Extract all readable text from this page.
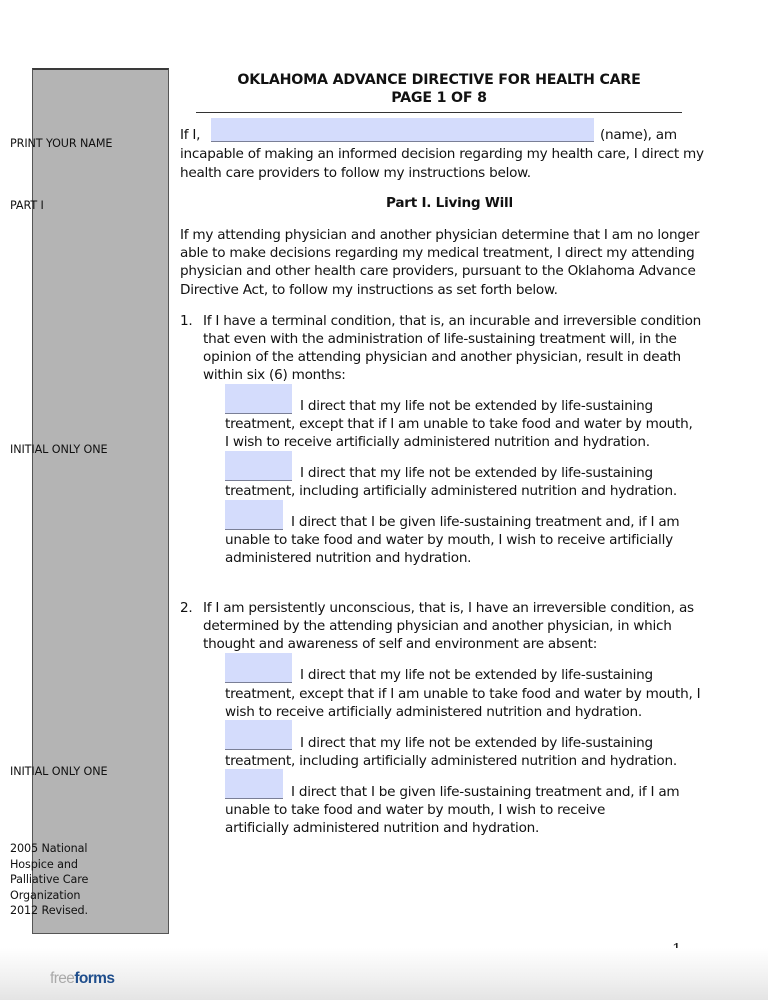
PRINT YOUR NAME
PART I
INITIAL ONLY ONE
INITIAL ONLY ONE
2005 National
Hospice and
Palliative Care
Organization
2012 Revised.
OKLAHOMA ADVANCE DIRECTIVE FOR HEALTH CARE
PAGE 1 OF 8
If I,	(name), am
incapable of making an informed decision regarding my health care, I direct my
health care providers to follow my instructions below.
Part I. Living Will
If my attending physician and another physician determine that I am no longer
able to make decisions regarding my medical treatment, I direct my attending
physician and other health care providers, pursuant to the Oklahoma Advance
Directive Act, to follow my instructions as set forth below.
1. If I have a terminal condition, that is, an incurable and irreversible condition
that even with the administration of life-sustaining treatment will, in the
opinion of the attending physician and another physician, result in death
within six (6) months:
I direct that my life not be extended by life-sustaining
treatment, except that if I am unable to take food and water by mouth,
I wish to receive artificially administered nutrition and hydration.
I direct that my life not be extended by life-sustaining
treatment, including artificially administered nutrition and hydration.
I direct that I be given life-sustaining treatment and, if I am
unable to take food and water by mouth, I wish to receive artificially
administered nutrition and hydration.
2. If I am persistently unconscious, that is, I have an irreversible condition, as
determined by the attending physician and another physician, in which
thought and awareness of self and environment are absent:
I direct that my life not be extended by life-sustaining
treatment, except that if I am unable to take food and water by mouth, I
wish to receive artificially administered nutrition and hydration.
I direct that my life not be extended by life-sustaining
treatment, including artificially administered nutrition and hydration.
I direct that I be given life-sustaining treatment and, if I am
unable to take food and water by mouth, I wish to receive
artificially administered nutrition and hydration.
freeforms
